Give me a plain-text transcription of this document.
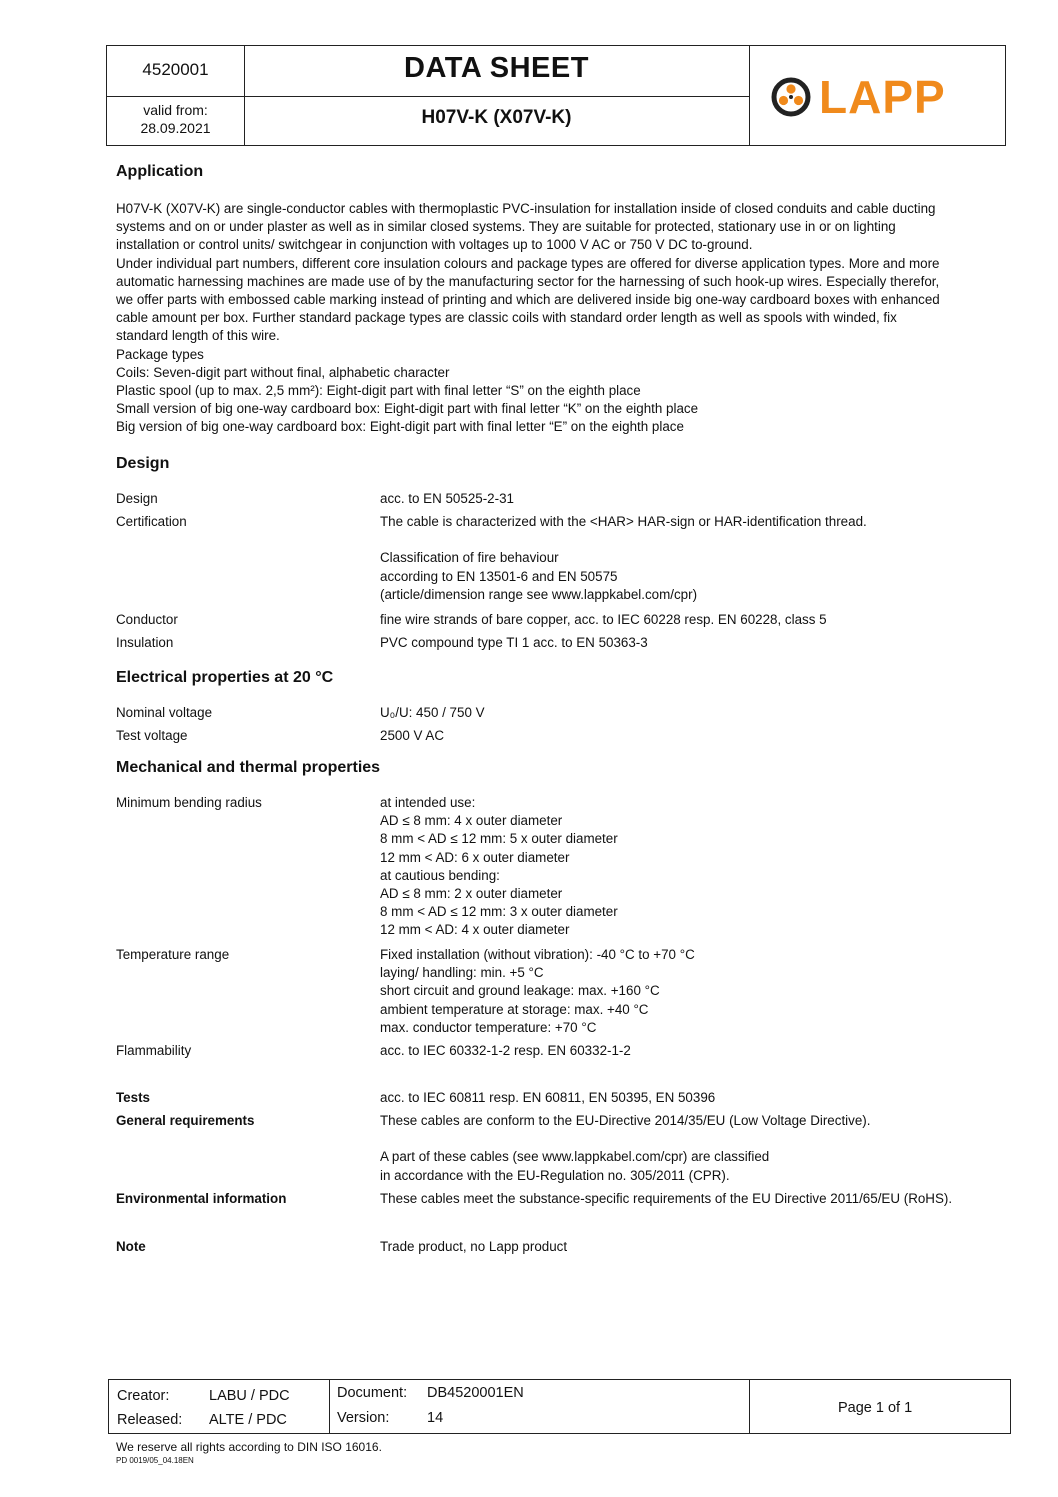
4520001
valid from:
28.09.2021
DATA SHEET
H07V-K (X07V-K)	LAPP
Application
H07V-K (X07V-K) are single-conductor cables with thermoplastic PVC-insulation for installation inside of closed conduits and cable ducting
systems and on or under plaster as well as in similar closed systems. They are suitable for protected, stationary use in or on lighting
installation or control units/ switchgear in conjunction with voltages up to 1000 V AC or 750 V DC to-ground.
Under individual part numbers, different core insulation colours and package types are offered for diverse application types. More and more
automatic harnessing machines are made use of by the manufacturing sector for the harnessing of such hook-up wires. Especially therefor,
we offer parts with embossed cable marking instead of printing and which are delivered inside big one-way cardboard boxes with enhanced
cable amount per box. Further standard package types are classic coils with standard order length as well as spools with winded, fix
standard length of this wire.
Package types
Coils: Seven-digit part without final, alphabetic character
Plastic spool (up to max. 2,5 mm²): Eight-digit part with final letter “S” on the eighth place
Small version of big one-way cardboard box: Eight-digit part with final letter “K” on the eighth place
Big version of big one-way cardboard box: Eight-digit part with final letter “E” on the eighth place
Design
Design	acc. to EN 50525-2-31
Certification	The cable is characterized with the <HAR> HAR-sign or HAR-identification thread.

Classification of fire behaviour
according to EN 13501-6 and EN 50575
(article/dimension range see www.lappkabel.com/cpr)
Conductor	fine wire strands of bare copper, acc. to IEC 60228 resp. EN 60228, class 5
Insulation	PVC compound type TI 1 acc. to EN 50363-3
Electrical properties at 20 °C
Nominal voltage	U₀/U: 450 / 750 V
Test voltage	2500 V AC
Mechanical and thermal properties
Minimum bending radius	at intended use:
AD ≤ 8 mm: 4 x outer diameter
8 mm < AD ≤ 12 mm: 5 x outer diameter
12 mm < AD: 6 x outer diameter
at cautious bending:
AD ≤ 8 mm: 2 x outer diameter
8 mm < AD ≤ 12 mm: 3 x outer diameter
12 mm < AD: 4 x outer diameter
Temperature range	Fixed installation (without vibration): -40 °C to +70 °C
laying/ handling: min. +5 °C
short circuit and ground leakage: max. +160 °C
ambient temperature at storage: max. +40 °C
max. conductor temperature: +70 °C
Flammability	acc. to IEC 60332-1-2 resp. EN 60332-1-2
Tests	acc. to IEC 60811 resp. EN 60811, EN 50395, EN 50396
General requirements	These cables are conform to the EU-Directive 2014/35/EU (Low Voltage Directive).

A part of these cables (see www.lappkabel.com/cpr) are classified
in accordance with the EU-Regulation no. 305/2011 (CPR).
Environmental information	These cables meet the substance-specific requirements of the EU Directive 2011/65/EU (RoHS).
Note	Trade product, no Lapp product
Creator:	LABU / PDC
Released: ALTE / PDC
Document: DB4520001EN
Version:	14
Page 1 of 1
We reserve all rights according to DIN ISO 16016.
PD 0019/05_04.18EN
